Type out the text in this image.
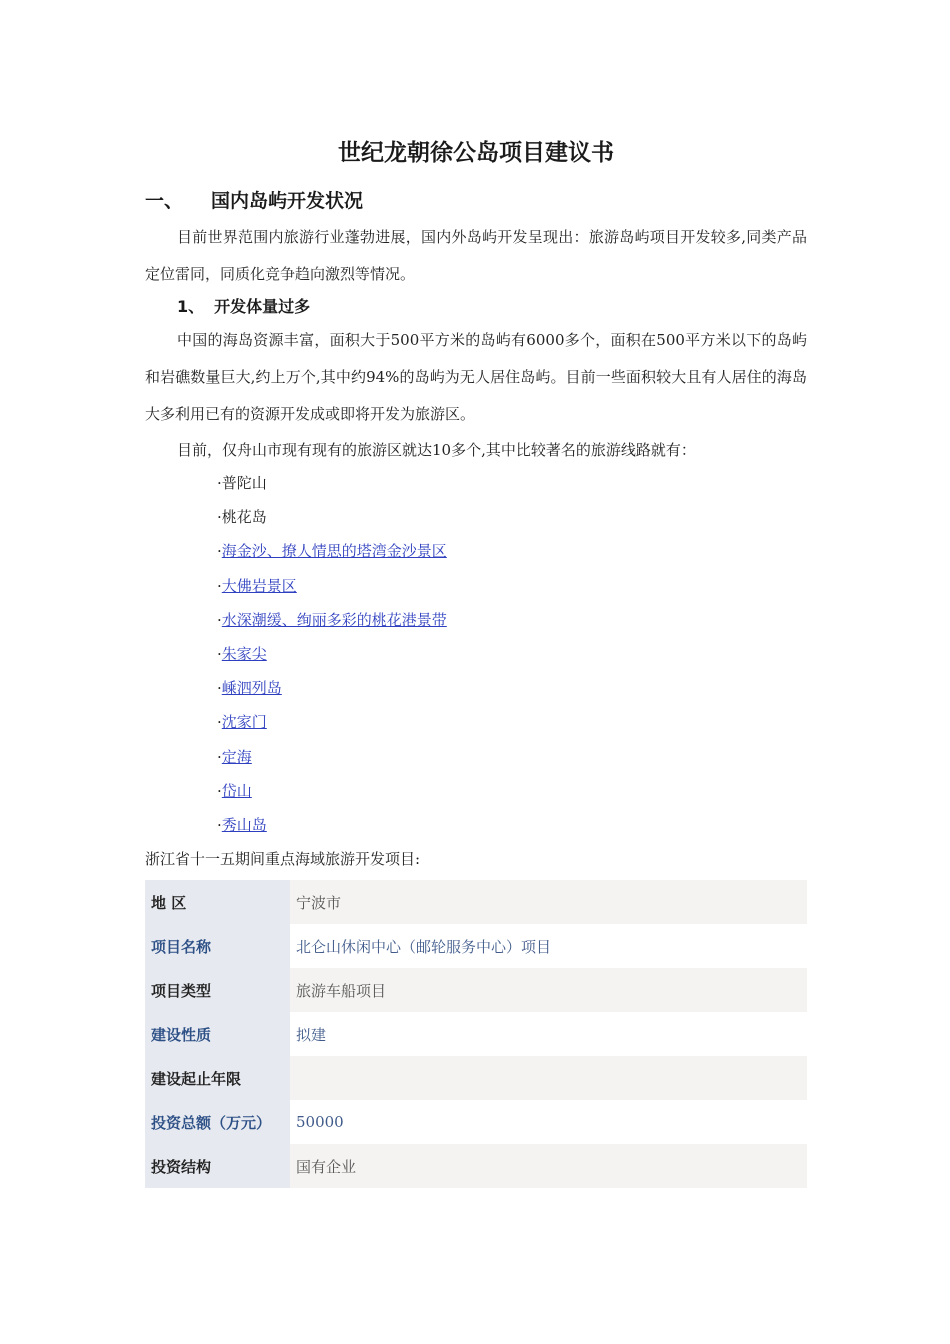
世纪龙朝徐公岛项目建议书
一、 国内岛屿开发状况
目前世界范围内旅游行业蓬勃进展，国内外岛屿开发呈现出：旅游岛屿项目开发较多,同类产品定位雷同，同质化竞争趋向激烈等情况。
1、 开发体量过多
中国的海岛资源丰富，面积大于500平方米的岛屿有6000多个，面积在500平方米以下的岛屿和岩礁数量巨大,约上万个,其中约94%的岛屿为无人居住岛屿。目前一些面积较大且有人居住的海岛大多利用已有的资源开发成或即将开发为旅游区。
目前，仅舟山市现有现有的旅游区就达10多个,其中比较著名的旅游线路就有：
·普陀山
·桃花岛
·海金沙、撩人情思的塔湾金沙景区
·大佛岩景区
·水深潮缓、绚丽多彩的桃花港景带
·朱家尖
·嵊泗列岛
·沈家门
·定海
·岱山
·秀山岛
浙江省十一五期间重点海域旅游开发项目:
地 区	宁波市
项目名称	北仑山休闲中心（邮轮服务中心）项目
项目类型	旅游车船项目
建设性质	拟建
建设起止年限	
投资总额（万元）	50000
投资结构	国有企业
